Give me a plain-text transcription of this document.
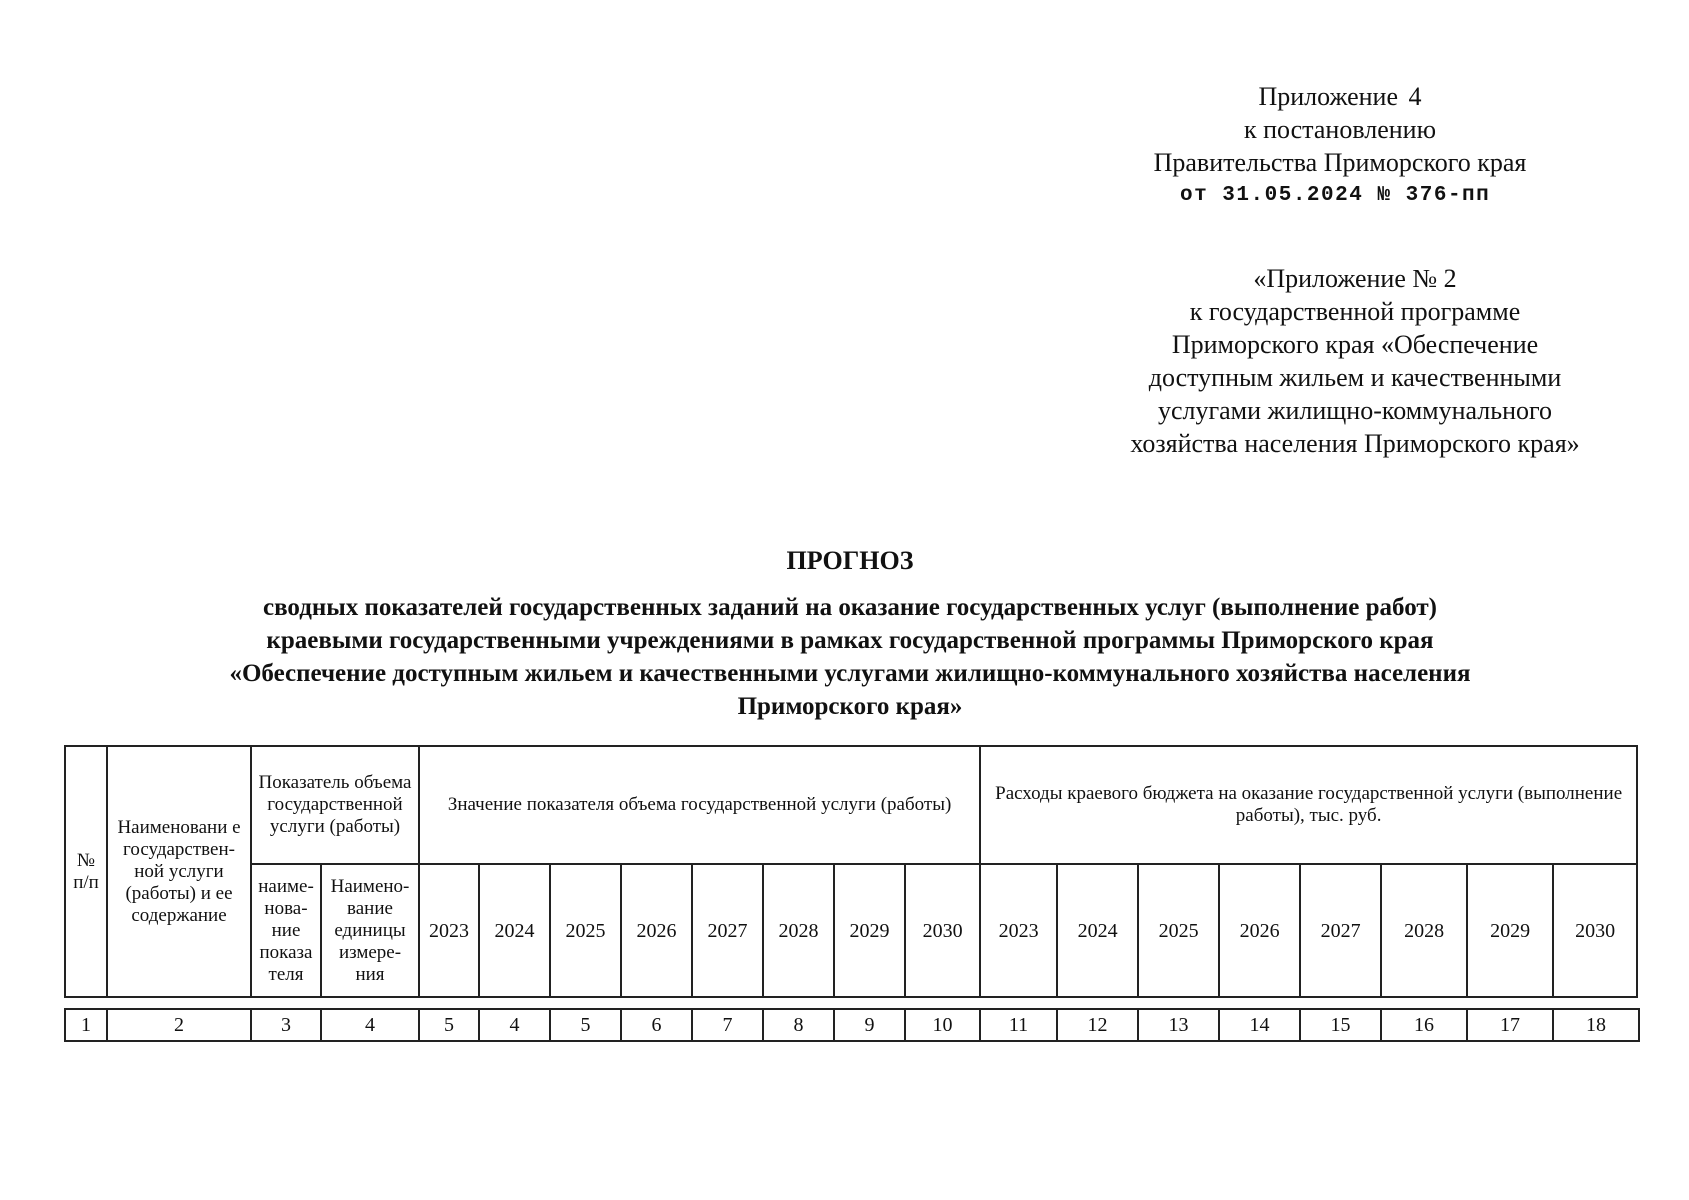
Приложение 4
к постановлению
Правительства Приморского края
от 31.05.2024 № 376-пп
«Приложение № 2
к государственной программе
Приморского края «Обеспечение
доступным жильем и качественными
услугами жилищно-коммунального
хозяйства населения Приморского края»
ПРОГНОЗ
сводных показателей государственных заданий на оказание государственных услуг (выполнение работ)
краевыми государственными учреждениями в рамках государственной программы Приморского края
«Обеспечение доступным жильем и качественными услугами жилищно-коммунального хозяйства населения
Приморского края»
№ п/п	Наименовани е государствен- ной услуги (работы) и ее содержание	Показатель объема государственной услуги (работы)		Значение показателя объема государственной услуги (работы)								Расходы краевого бюджета на оказание государственной услуги (выполнение работы), тыс. руб.							
		наиме- нова- ние показа теля	Наимено- вание единицы измере- ния	2023	2024	2025	2026	2027	2028	2029	2030	2023	2024	2025	2026	2027	2028	2029	2030
1	2	3	4	5	4	5	6	7	8	9	10	11	12	13	14	15	16	17	18
